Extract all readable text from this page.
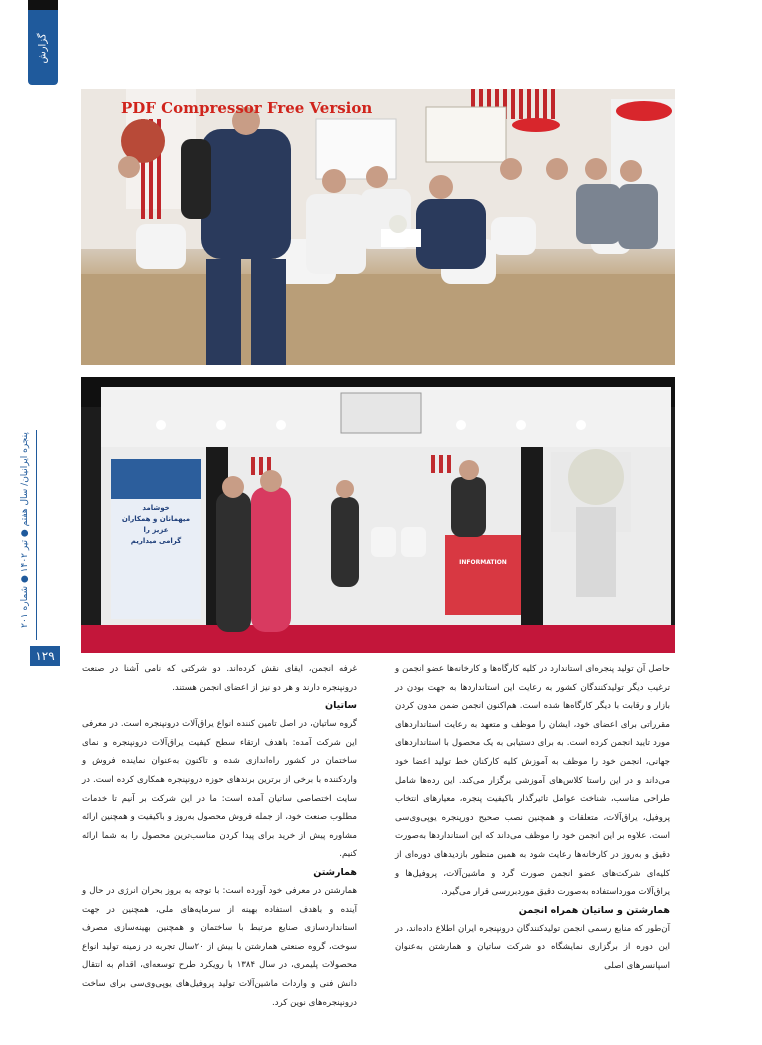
گزارش
پنجره ایرانیان/ سال هفتم ● تیر ۱۴۰۲ ● شماره ۲۰۱
۱۲۹
PDF Compressor Free Version
خوشامد
میهمانان و همکاران
عزیز را
گرامی میداریم
INFORMATION

حاصل آن تولید پنجره‌ای استاندارد در کلیه کارگاه‌ها و کارخانه‌ها عضو انجمن و ترغیب دیگر تولیدکنندگان کشور به رعایت این استانداردها به جهت بودن در بازار و رقابت با دیگر کارگاه‌ها شده است. هم‌اکنون انجمن ضمن مدون کردن مقرراتی برای اعضای خود، ایشان را موظف و متعهد به رعایت استانداردهای مورد تایید انجمن کرده است. به برای دستیابی به یک محصول با استانداردهای جهانی، انجمن خود را موظف به آموزش کلیه کارکنان خط تولید اعضا خود می‌داند و در این راستا کلاس‌های آموزشی برگزار می‌کند. این رده‌ها شامل طراحی مناسب، شناخت عوامل تاثیرگذار باکیفیت پنجره، معیارهای انتخاب پروفیل، یراق‌آلات، متعلقات و همچنین نصب صحیح دورپنجره یوپی‌وی‌سی است. علاوه بر این انجمن خود را موظف می‌داند که این استانداردها به‌صورت دقیق و به‌روز در کارخانه‌ها رعایت شود به همین منظور بازدیدهای دوره‌ای از کلیه‌ای شرکت‌های عضو انجمن صورت گرد و ماشین‌آلات، پروفیل‌ها و یراق‌آلات مورداستفاده به‌صورت دقیق موردبررسی قرار می‌گیرد.

همارشتن و ساتیان همراه انجمن

آن‌طور که منابع رسمی انجمن تولیدکنندگان درونپنجره ایران اطلاع داده‌اند، در این دوره از برگزاری نمایشگاه دو شرکت ساتیان و همارشتن به‌عنوان اسپانسرهای اصلی

غرفه انجمن، ایفای نقش کرده‌اند. دو شرکتی که نامی آشنا در صنعت درونپنجره دارند و هر دو نیز از اعضای انجمن هستند.

ساتیان

گروه ساتیان، در اصل تامین کننده انواع یراق‌آلات درونپنجره است. در معرفی این شرکت آمده: باهدف ارتقاء سطح کیفیت یراق‌آلات درونپنجره و نمای ساختمان در کشور راه‌اندازی شده و تاکنون به‌عنوان نماینده فروش و واردکننده با برخی از برترین برندهای حوزه درونپنجره همکاری کرده است. در سایت اختصاصی ساتیان آمده است: ما در این شرکت بر آنیم تا خدمات مطلوب صنعت خود، از جمله فروش محصول به‌روز و باکیفیت و همچنین ارائه مشاوره پیش از خرید برای پیدا کردن مناسب‌ترین محصول را به شما ارائه کنیم.

همارشتن

همارشتن در معرفی خود آورده است: با توجه به بروز بحران انرژی در حال و آینده و باهدف استفاده بهینه از سرمایه‌های ملی، همچنین در جهت استانداردسازی صنایع مرتبط با ساختمان و همچنین بهینه‌سازی مصرف سوخت، گروه صنعتی همارشتن با بیش از ۲۰سال تجربه در زمینه تولید انواع محصولات پلیمری، در سال ۱۳۸۴ با رویکرد طرح توسعه‌ای، اقدام به انتقال دانش فنی و واردات ماشین‌آلات تولید پروفیل‌های یوپی‌وی‌سی برای ساخت درونپنجره‌های نوین کرد.
